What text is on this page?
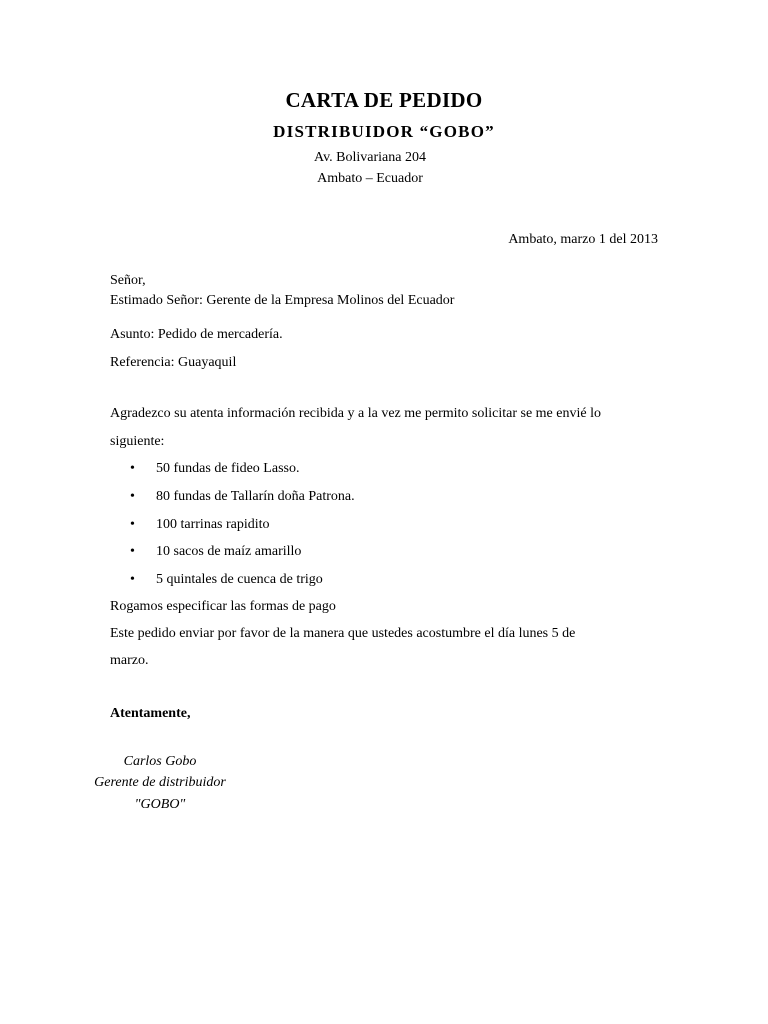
CARTA DE PEDIDO
DISTRIBUIDOR “GOBO”
Av. Bolivariana 204
Ambato – Ecuador
Ambato, marzo 1 del 2013
Señor,
Estimado Señor: Gerente de la Empresa Molinos del Ecuador
Asunto: Pedido de mercadería.
Referencia: Guayaquil
Agradezco su atenta información recibida y a la vez me permito solicitar se me envié lo
siguiente:
• 50 fundas de fideo Lasso.
• 80 fundas de Tallarín doña Patrona.
• 100 tarrinas rapidito
• 10 sacos de maíz amarillo
• 5 quintales de cuenca de trigo
Rogamos especificar las formas de pago
Este pedido enviar por favor de la manera que ustedes acostumbre el día lunes 5 de
marzo.
Atentamente,
Carlos Gobo
Gerente de distribuidor
"GOBO"
